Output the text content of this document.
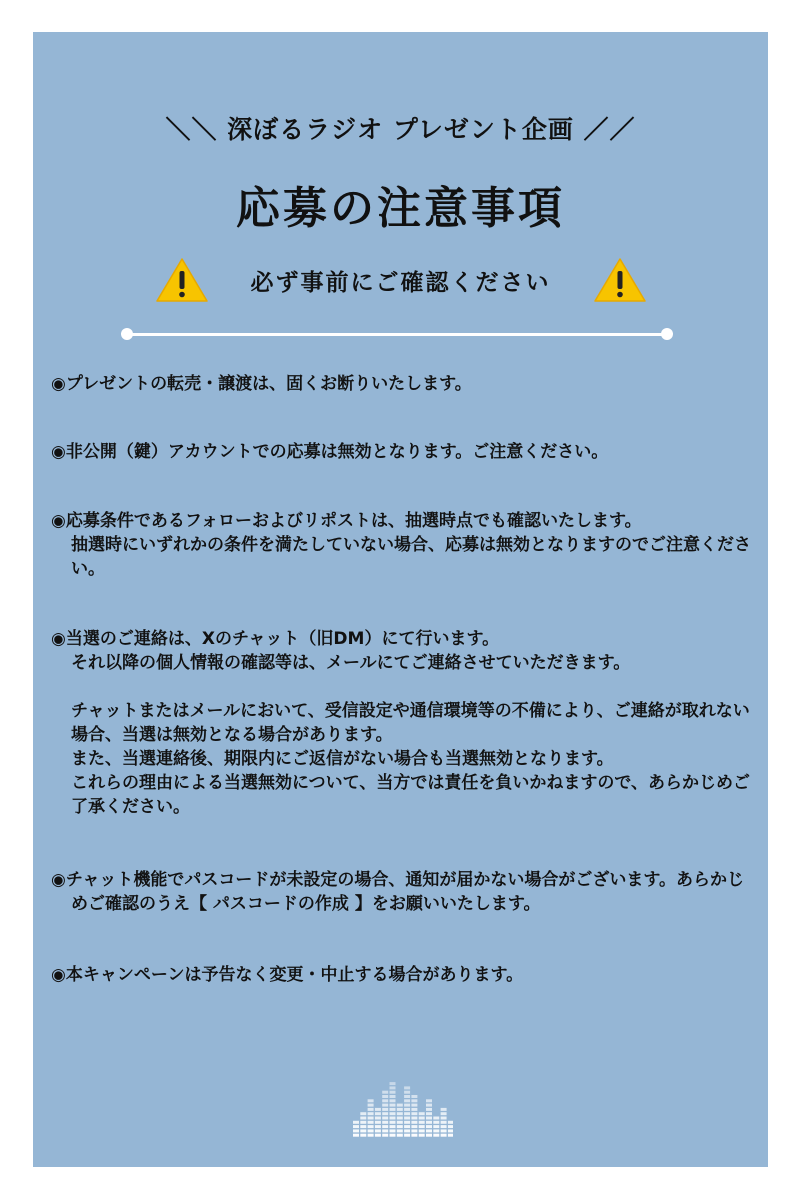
＼＼ 深ぼるラジオ プレゼント企画 ／／
応募の注意事項
必ず事前にご確認ください

◉プレゼントの転売・譲渡は、固くお断りいたします。

◉非公開（鍵）アカウントでの応募は無効となります。ご注意ください。

◉応募条件であるフォローおよびリポストは、抽選時点でも確認いたします。

抽選時にいずれかの条件を満たしていない場合、応募は無効となりますのでご注意ください。

◉当選のご連絡は、Xのチャット（旧DM）にて行います。

それ以降の個人情報の確認等は、メールにてご連絡させていただきます。

チャットまたはメールにおいて、受信設定や通信環境等の不備により、ご連絡が取れない場合、当選は無効となる場合があります。

また、当選連絡後、期限内にご返信がない場合も当選無効となります。

これらの理由による当選無効について、当方では責任を負いかねますので、あらかじめご了承ください。

◉チャット機能でパスコードが未設定の場合、通知が届かない場合がございます。あらかじめご確認のうえ【 パスコードの作成 】をお願いいたします。

◉本キャンペーンは予告なく変更・中止する場合があります。
